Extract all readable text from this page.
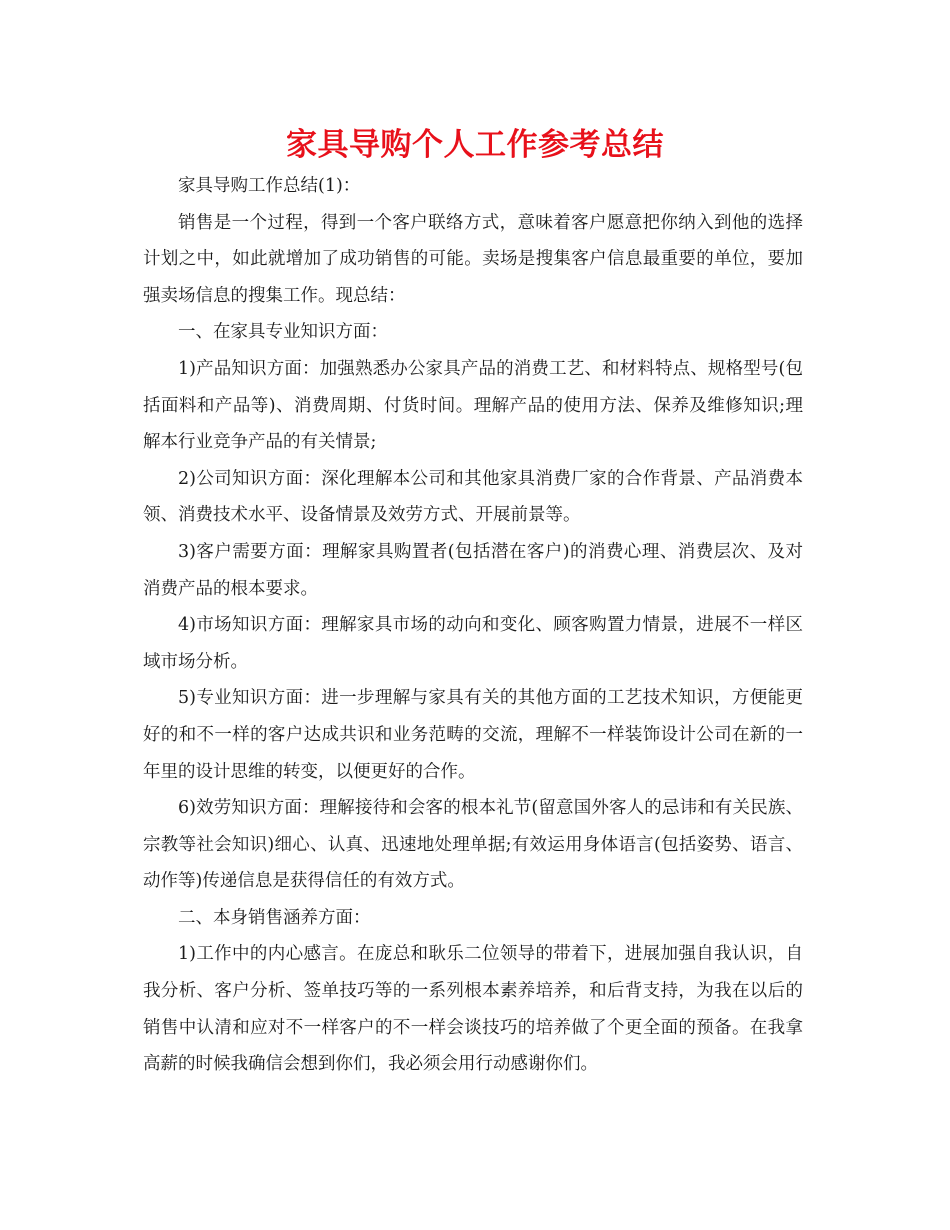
家具导购个人工作参考总结

家具导购工作总结(1)：

销售是一个过程，得到一个客户联络方式，意味着客户愿意把你纳入到他的选择计划之中，如此就增加了成功销售的可能。卖场是搜集客户信息最重要的单位，要加强卖场信息的搜集工作。现总结：

一、在家具专业知识方面：

1)产品知识方面：加强熟悉办公家具产品的消费工艺、和材料特点、规格型号(包括面料和产品等)、消费周期、付货时间。理解产品的使用方法、保养及维修知识;理解本行业竞争产品的有关情景;

2)公司知识方面：深化理解本公司和其他家具消费厂家的合作背景、产品消费本领、消费技术水平、设备情景及效劳方式、开展前景等。

3)客户需要方面：理解家具购置者(包括潜在客户)的消费心理、消费层次、及对消费产品的根本要求。

4)市场知识方面：理解家具市场的动向和变化、顾客购置力情景，进展不一样区域市场分析。

5)专业知识方面：进一步理解与家具有关的其他方面的工艺技术知识，方便能更好的和不一样的客户达成共识和业务范畴的交流，理解不一样装饰设计公司在新的一年里的设计思维的转变，以便更好的合作。

6)效劳知识方面：理解接待和会客的根本礼节(留意国外客人的忌讳和有关民族、宗教等社会知识)细心、认真、迅速地处理单据;有效运用身体语言(包括姿势、语言、动作等)传递信息是获得信任的有效方式。

二、本身销售涵养方面：

1)工作中的内心感言。在庞总和耿乐二位领导的带着下，进展加强自我认识，自我分析、客户分析、签单技巧等的一系列根本素养培养，和后背支持，为我在以后的销售中认清和应对不一样客户的不一样会谈技巧的培养做了个更全面的预备。在我拿高薪的时候我确信会想到你们，我必须会用行动感谢你们。
